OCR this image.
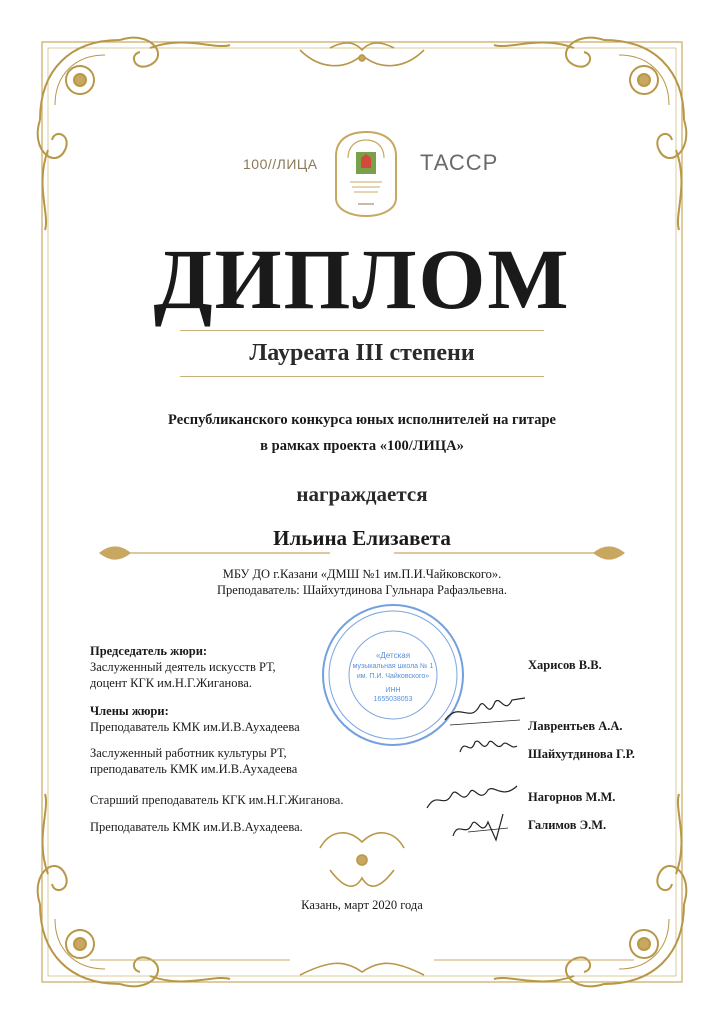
100//ЛИЦА	ТАССР
ДИПЛОМ
Лауреата III степени
Республиканского конкурса юных исполнителей на гитаре
в рамках проекта «100/ЛИЦА»
награждается
Ильина Елизавета
МБУ ДО г.Казани «ДМШ №1 им.П.И.Чайковского».
Преподаватель: Шайхутдинова Гульнара Рафаэльевна.
«Детская
музыкальная школа № 1
им. П.И. Чайковского»
ИНН
1655038053
Председатель жюри:
Заслуженный деятель искусств РТ,
доцент КГК им.Н.Г.Жиганова.
Члены жюри:
Преподаватель КМК им.И.В.Аухадеева
Заслуженный работник культуры РТ,
преподаватель КМК им.И.В.Аухадеева
Старший преподаватель КГК им.Н.Г.Жиганова.
Преподаватель КМК им.И.В.Аухадеева.
Харисов В.В.
Лаврентьев А.А.
Шайхутдинова Г.Р.
Нагорнов М.М.
Галимов Э.М.
Казань, март 2020 года
